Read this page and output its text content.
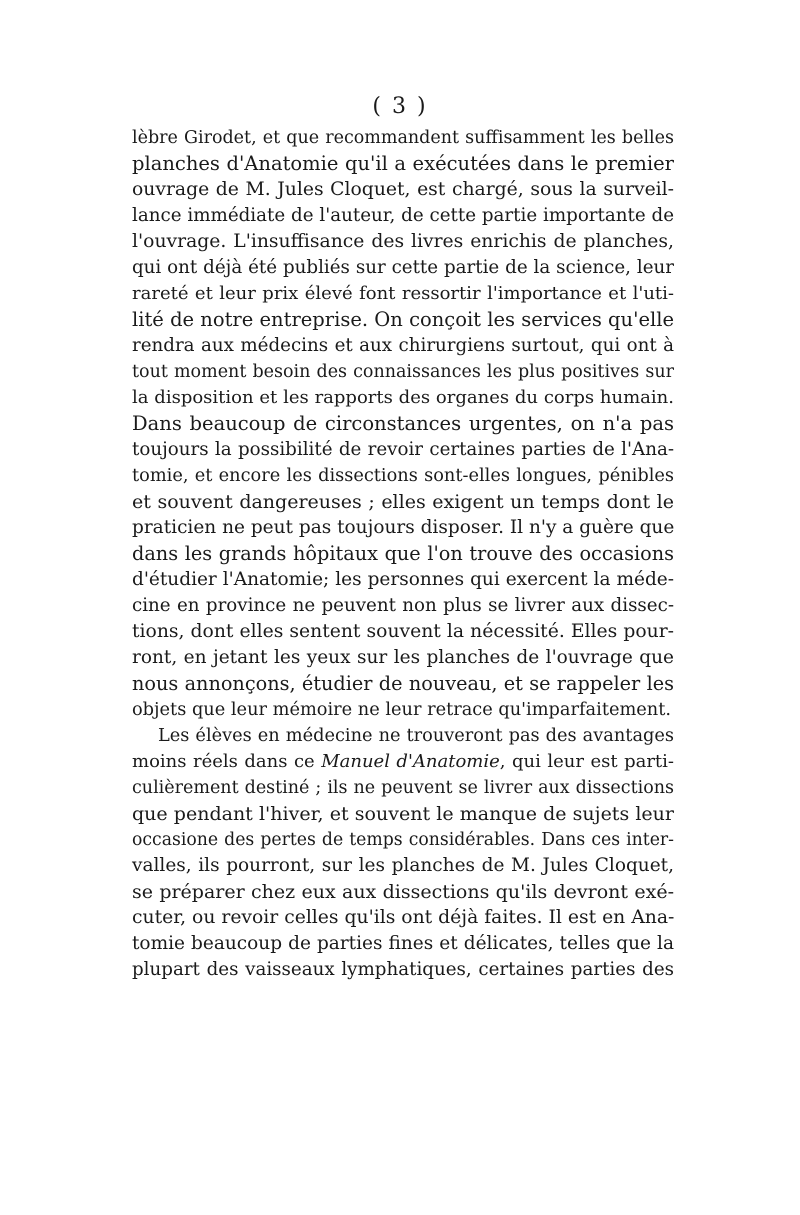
( 3 )
lèbre Girodet, et que recommandent suffisamment les belles
planches d'Anatomie qu'il a exécutées dans le premier
ouvrage de M. Jules Cloquet, est chargé, sous la surveil-
lance immédiate de l'auteur, de cette partie importante de
l'ouvrage. L'insuffisance des livres enrichis de planches,
qui ont déjà été publiés sur cette partie de la science, leur
rareté et leur prix élevé font ressortir l'importance et l'uti-
lité de notre entreprise. On conçoit les services qu'elle
rendra aux médecins et aux chirurgiens surtout, qui ont à
tout moment besoin des connaissances les plus positives sur
la disposition et les rapports des organes du corps humain.
Dans beaucoup de circonstances urgentes, on n'a pas
toujours la possibilité de revoir certaines parties de l'Ana-
tomie, et encore les dissections sont-elles longues, pénibles
et souvent dangereuses ; elles exigent un temps dont le
praticien ne peut pas toujours disposer. Il n'y a guère que
dans les grands hôpitaux que l'on trouve des occasions
d'étudier l'Anatomie; les personnes qui exercent la méde-
cine en province ne peuvent non plus se livrer aux dissec-
tions, dont elles sentent souvent la nécessité. Elles pour-
ront, en jetant les yeux sur les planches de l'ouvrage que
nous annonçons, étudier de nouveau, et se rappeler les
objets que leur mémoire ne leur retrace qu'imparfaitement.
Les élèves en médecine ne trouveront pas des avantages
moins réels dans ce Manuel d'Anatomie, qui leur est parti-
culièrement destiné ; ils ne peuvent se livrer aux dissections
que pendant l'hiver, et souvent le manque de sujets leur
occasione des pertes de temps considérables. Dans ces inter-
valles, ils pourront, sur les planches de M. Jules Cloquet,
se préparer chez eux aux dissections qu'ils devront exé-
cuter, ou revoir celles qu'ils ont déjà faites. Il est en Ana-
tomie beaucoup de parties fines et délicates, telles que la
plupart des vaisseaux lymphatiques, certaines parties des
